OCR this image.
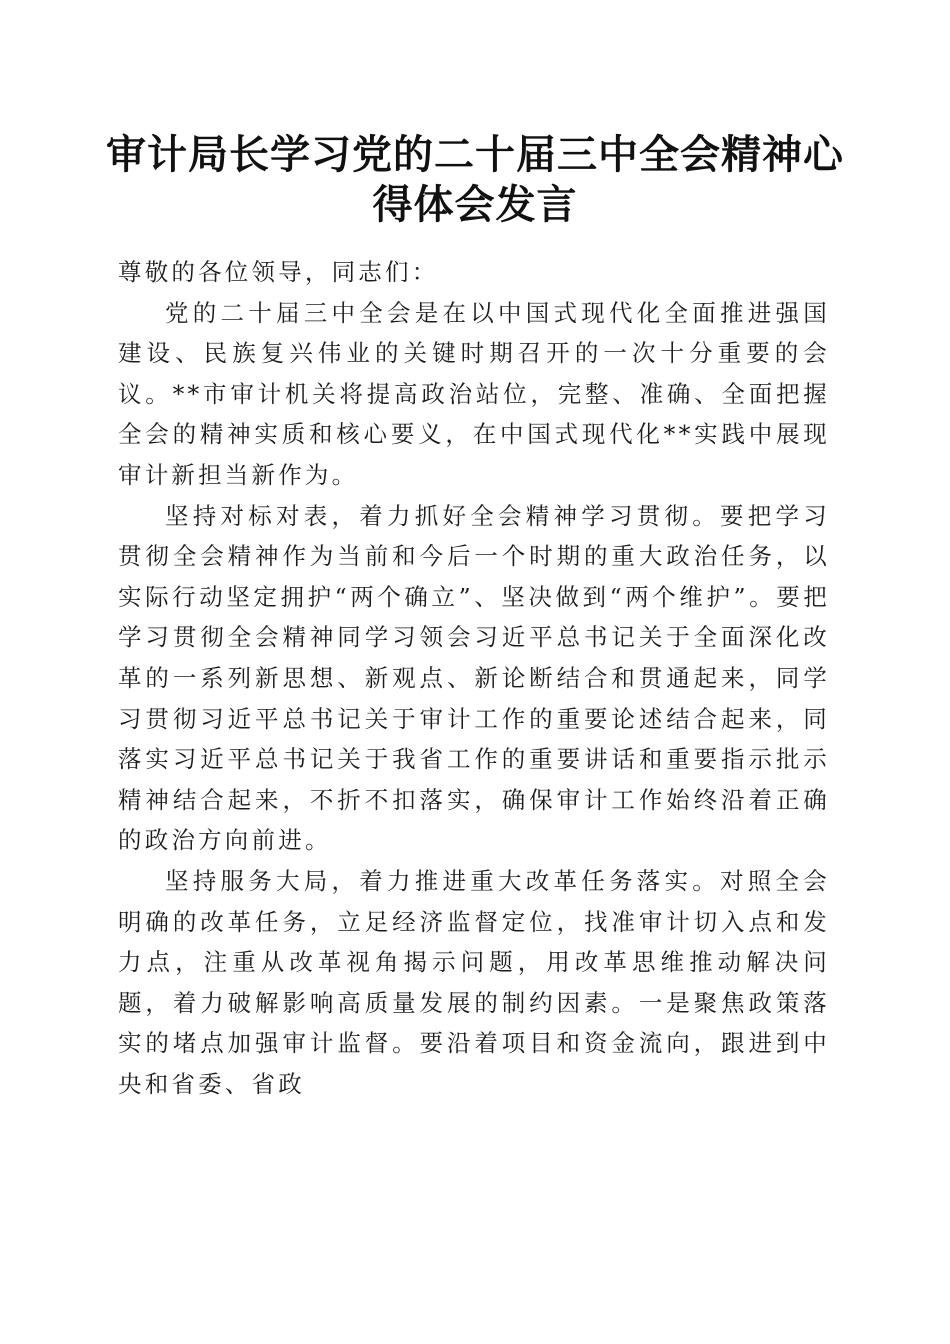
审计局长学习党的二十届三中全会精神心得体会发言

尊敬的各位领导，同志们：

党的二十届三中全会是在以中国式现代化全面推进强国建设、民族复兴伟业的关键时期召开的一次十分重要的会议。**市审计机关将提高政治站位，完整、准确、全面把握全会的精神实质和核心要义，在中国式现代化**实践中展现审计新担当新作为。

坚持对标对表，着力抓好全会精神学习贯彻。要把学习贯彻全会精神作为当前和今后一个时期的重大政治任务，以实际行动坚定拥护“两个确立”、坚决做到“两个维护”。要把学习贯彻全会精神同学习领会习近平总书记关于全面深化改革的一系列新思想、新观点、新论断结合和贯通起来，同学习贯彻习近平总书记关于审计工作的重要论述结合起来，同落实习近平总书记关于我省工作的重要讲话和重要指示批示精神结合起来，不折不扣落实，确保审计工作始终沿着正确的政治方向前进。

坚持服务大局，着力推进重大改革任务落实。对照全会明确的改革任务，立足经济监督定位，找准审计切入点和发力点，注重从改革视角揭示问题，用改革思维推动解决问题，着力破解影响高质量发展的制约因素。一是聚焦政策落实的堵点加强审计监督。要沿着项目和资金流向，跟进到中央和省委、省政
